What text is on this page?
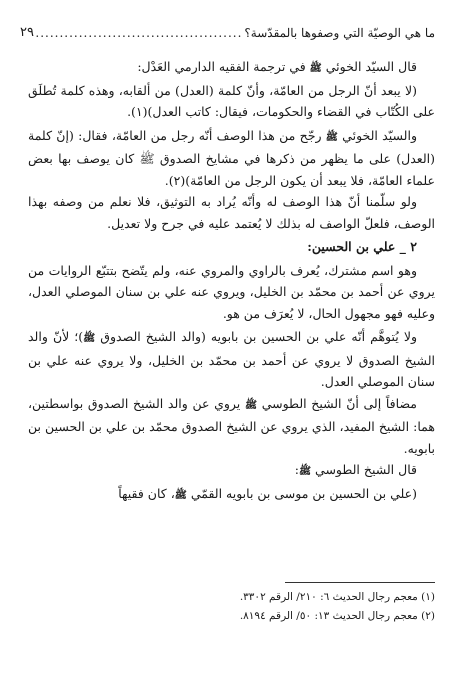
ما هي الوصيّة التي وصفوها بالمقدّسة؟
...........................................
٢٩

قال السيّد الخوئي ﷺ في ترجمة الفقيه الدارمي العَدْل:

(لا يبعد أنّ الرجل من العامّة، وأنّ كلمة (العدل) من ألقابه، وهذه كلمة تُطلَق على الكُتّاب في القضاء والحكومات، فيقال: كاتب العدل)(١).

والسيّد الخوئي ﷺ رجّح من هذا الوصف أنّه رجل من العامّة، فقال: (إنّ كلمة (العدل) على ما يظهر من ذكرها في مشايخ الصدوق ﷺ كان يوصف بها بعض علماء العامّة، فلا يبعد أن يكون الرجل من العامّة)(٢).

ولو سلّمنا أنّ هذا الوصف له وأنّه يُراد به التوثيق، فلا نعلم من وصفه بهذا الوصف، فلعلّ الواصف له بذلك لا يُعتمد عليه في جرح ولا تعديل.

٢ _ علي بن الحسين:

وهو اسم مشترك، يُعرف بالراوي والمروي عنه، ولم يتّضح بتتبّع الروايات من يروي عن أحمد بن محمّد بن الخليل، ويروي عنه علي بن سنان الموصلي العدل، وعليه فهو مجهول الحال، لا يُعرَف من هو.

ولا يُتوهَّم أنّه علي بن الحسين بن بابويه (والد الشيخ الصدوق ﷺ)؛ لأنّ والد الشيخ الصدوق لا يروي عن أحمد بن محمّد بن الخليل، ولا يروي عنه علي بن سنان الموصلي العدل.

مضافاً إلى أنّ الشيخ الطوسي ﷺ يروي عن والد الشيخ الصدوق بواسطتين، هما: الشيخ المفيد، الذي يروي عن الشيخ الصدوق محمّد بن علي بن الحسين بن بابويه.

قال الشيخ الطوسي ﷺ:

(علي بن الحسين بن موسى بن بابويه القمّي ﷺ، كان فقيهاً

(١) معجم رجال الحديث ٦: ٢١٠/ الرقم ٣٣٠٢.

(٢) معجم رجال الحديث ١٣: ٥٠/ الرقم ٨١٩٤.
